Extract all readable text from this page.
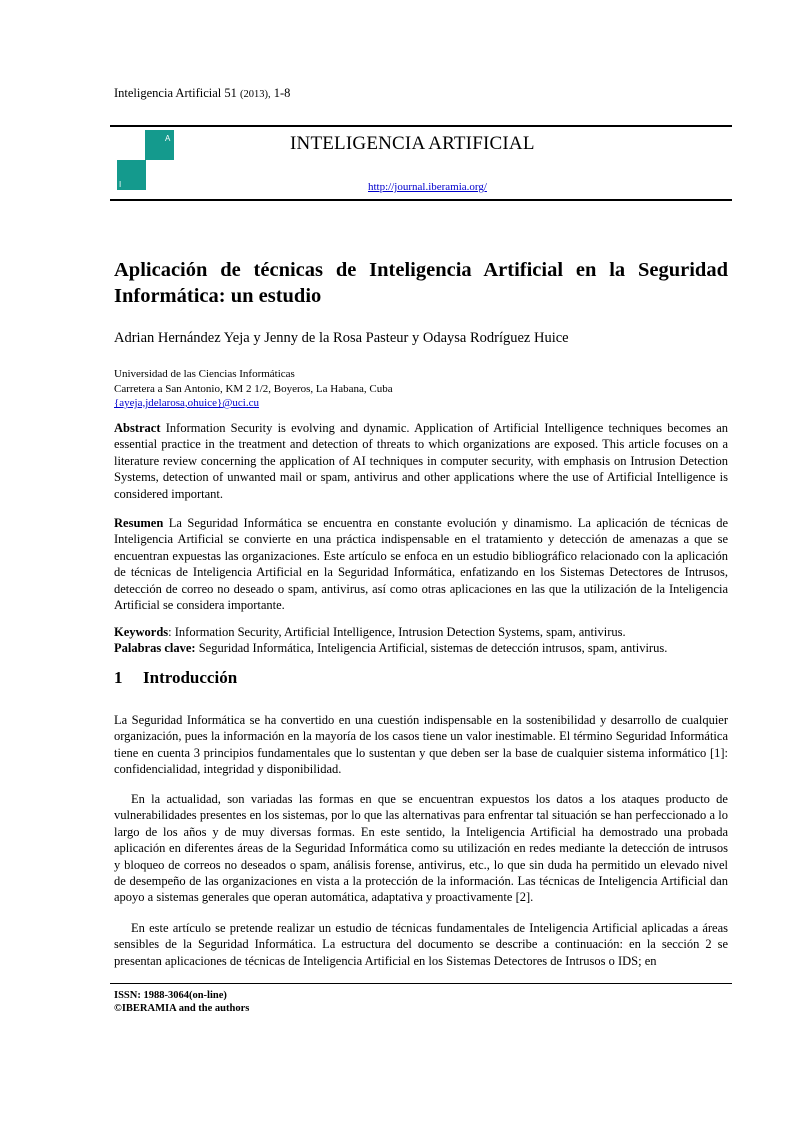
Inteligencia Artificial 51 (2013), 1-8
A
I
INTELIGENCIA ARTIFICIAL
http://journal.iberamia.org/
Aplicación de técnicas de Inteligencia Artificial en la Seguridad Informática: un estudio
Adrian Hernández Yeja y Jenny de la Rosa Pasteur y Odaysa Rodríguez Huice
Universidad de las Ciencias Informáticas
Carretera a San Antonio, KM 2 1/2, Boyeros, La Habana, Cuba
{ayeja,jdelarosa,ohuice}@uci.cu
Abstract Information Security is evolving and dynamic. Application of Artificial Intelligence techniques becomes an essential practice in the treatment and detection of threats to which organizations are exposed. This article focuses on a literature review concerning the application of AI techniques in computer security, with emphasis on Intrusion Detection Systems, detection of unwanted mail or spam, antivirus and other applications where the use of Artificial Intelligence is considered important.
Resumen La Seguridad Informática se encuentra en constante evolución y dinamismo. La aplicación de técnicas de Inteligencia Artificial se convierte en una práctica indispensable en el tratamiento y detección de amenazas a que se encuentran expuestas las organizaciones. Este artículo se enfoca en un estudio bibliográfico relacionado con la aplicación de técnicas de Inteligencia Artificial en la Seguridad Informática, enfatizando en los Sistemas Detectores de Intrusos, detección de correo no deseado o spam, antivirus, así como otras aplicaciones en las que la utilización de la Inteligencia Artificial se considera importante.
Keywords: Information Security, Artificial Intelligence, Intrusion Detection Systems, spam, antivirus.
Palabras clave: Seguridad Informática, Inteligencia Artificial, sistemas de detección intrusos, spam, antivirus.
1 Introducción
La Seguridad Informática se ha convertido en una cuestión indispensable en la sostenibilidad y desarrollo de cualquier organización, pues la información en la mayoría de los casos tiene un valor inestimable. El término Seguridad Informática tiene en cuenta 3 principios fundamentales que lo sustentan y que deben ser la base de cualquier sistema informático [1]: confidencialidad, integridad y disponibilidad.
En la actualidad, son variadas las formas en que se encuentran expuestos los datos a los ataques producto de vulnerabilidades presentes en los sistemas, por lo que las alternativas para enfrentar tal situación se han perfeccionado a lo largo de los años y de muy diversas formas. En este sentido, la Inteligencia Artificial ha demostrado una probada aplicación en diferentes áreas de la Seguridad Informática como su utilización en redes mediante la detección de intrusos y bloqueo de correos no deseados o spam, análisis forense, antivirus, etc., lo que sin duda ha permitido un elevado nivel de desempeño de las organizaciones en vista a la protección de la información. Las técnicas de Inteligencia Artificial dan apoyo a sistemas generales que operan automática, adaptativa y proactivamente [2].
En este artículo se pretende realizar un estudio de técnicas fundamentales de Inteligencia Artificial aplicadas a áreas sensibles de la Seguridad Informática. La estructura del documento se describe a continuación: en la sección 2 se presentan aplicaciones de técnicas de Inteligencia Artificial en los Sistemas Detectores de Intrusos o IDS; en
ISSN: 1988-3064(on-line)
©IBERAMIA and the authors
